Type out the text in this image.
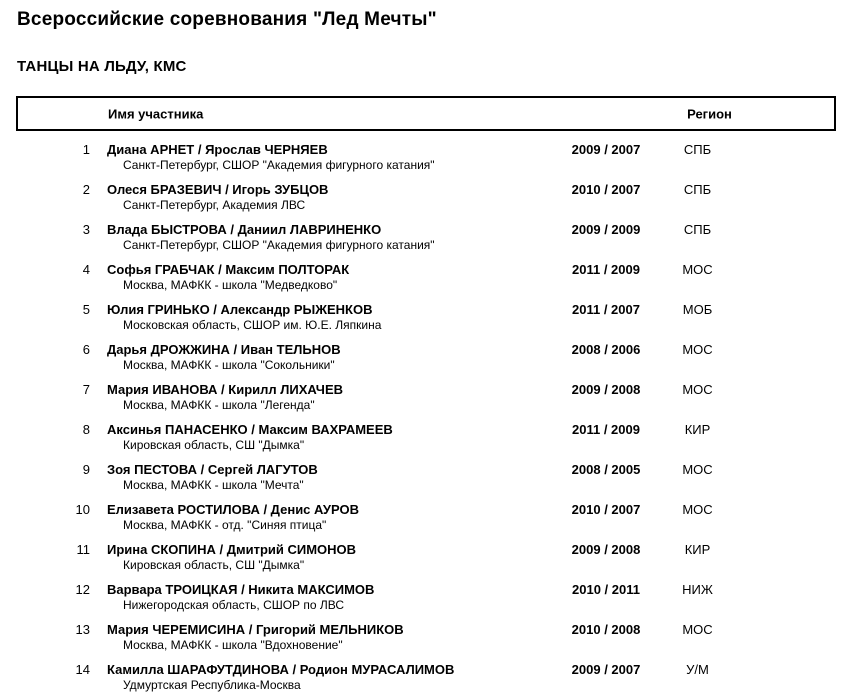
Всероссийские соревнования "Лед Мечты"
ТАНЦЫ НА ЛЬДУ, КМС
Имя участника	Регион
1 Диана АРНЕТ / Ярослав ЧЕРНЯЕВ
Санкт-Петербург, СШОР "Академия фигурного катания"
2009 / 2007	СПБ
2 Олеся БРАЗЕВИЧ / Игорь ЗУБЦОВ
Санкт-Петербург, Академия ЛВС
2010 / 2007	СПБ
3 Влада БЫСТРОВА / Даниил ЛАВРИНЕНКО
Санкт-Петербург, СШОР "Академия фигурного катания"
2009 / 2009	СПБ
4 Софья ГРАБЧАК / Максим ПОЛТОРАК
Москва, МАФКК - школа "Медведково"
2011 / 2009	МОС
5 Юлия ГРИНЬКО / Александр РЫЖЕНКОВ
Московская область, СШОР им. Ю.Е. Ляпкина
2011 / 2007	МОБ
6 Дарья ДРОЖЖИНА / Иван ТЕЛЬНОВ
Москва, МАФКК - школа "Сокольники"
2008 / 2006	МОС
7 Мария ИВАНОВА / Кирилл ЛИХАЧЕВ
Москва, МАФКК - школа "Легенда"
2009 / 2008	МОС
8 Аксинья ПАНАСЕНКО / Максим ВАХРАМЕЕВ
Кировская область, СШ "Дымка"
2011 / 2009	КИР
9 Зоя ПЕСТОВА / Сергей ЛАГУТОВ
Москва, МАФКК - школа "Мечта"
2008 / 2005	МОС
10 Елизавета РОСТИЛОВА / Денис АУРОВ
Москва, МАФКК - отд. "Синяя птица"
2010 / 2007	МОС
11 Ирина СКОПИНА / Дмитрий СИМОНОВ
Кировская область, СШ "Дымка"
2009 / 2008	КИР
12 Варвара ТРОИЦКАЯ / Никита МАКСИМОВ
Нижегородская область, СШОР по ЛВС
2010 / 2011	НИЖ
13 Мария ЧЕРЕМИСИНА / Григорий МЕЛЬНИКОВ
Москва, МАФКК - школа "Вдохновение"
2010 / 2008	МОС
14 Камилла ШАРАФУТДИНОВА / Родион МУРАСАЛИМОВ
Удмуртская Республика-Москва
2009 / 2007	У/М
